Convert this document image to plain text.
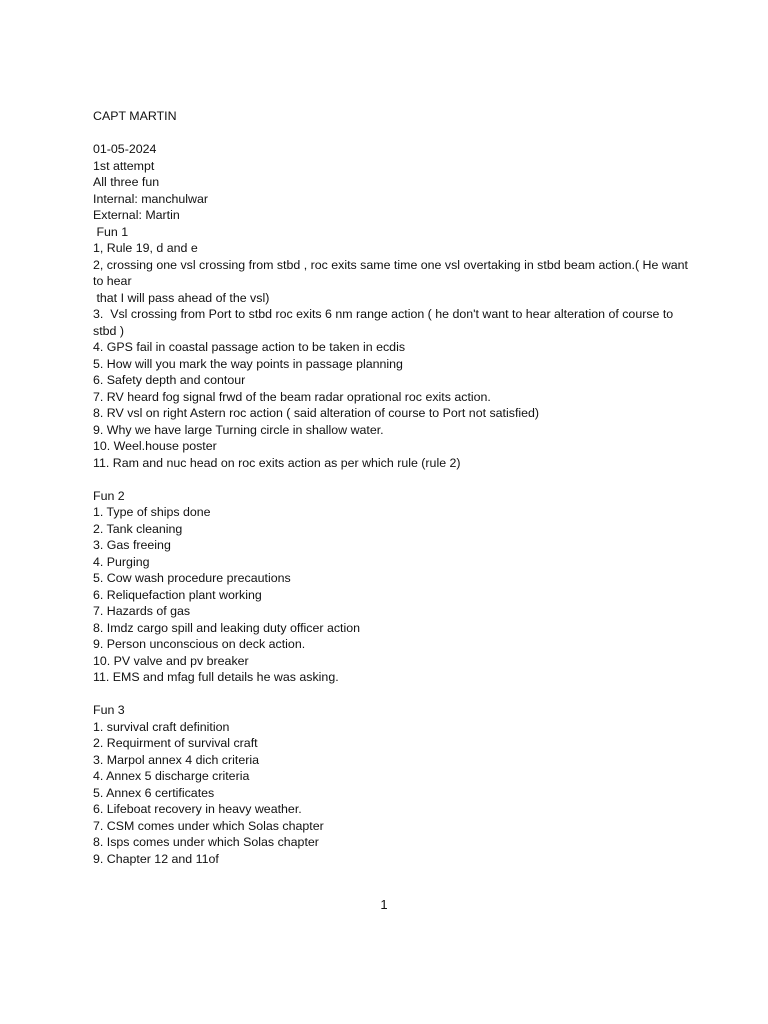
CAPT MARTIN
01-05-2024
1st attempt
All three fun
Internal: manchulwar
External: Martin
Fun 1
1, Rule 19, d and e
2, crossing one vsl crossing from stbd , roc exits same time one vsl overtaking in stbd beam action.( He want to hear
that I will pass ahead of the vsl)
3.  Vsl crossing from Port to stbd roc exits 6 nm range action ( he don't want to hear alteration of course to stbd )
4. GPS fail in coastal passage action to be taken in ecdis
5. How will you mark the way points in passage planning
6. Safety depth and contour
7. RV heard fog signal frwd of the beam radar oprational roc exits action.
8. RV vsl on right Astern roc action ( said alteration of course to Port not satisfied)
9. Why we have large Turning circle in shallow water.
10. Weel.house poster
11. Ram and nuc head on roc exits action as per which rule (rule 2)
Fun 2
1. Type of ships done
2. Tank cleaning
3. Gas freeing
4. Purging
5. Cow wash procedure precautions
6. Reliquefaction plant working
7. Hazards of gas
8. Imdz cargo spill and leaking duty officer action
9. Person unconscious on deck action.
10. PV valve and pv breaker
11. EMS and mfag full details he was asking.
Fun 3
1. survival craft definition
2. Requirment of survival craft
3. Marpol annex 4 dich criteria
4. Annex 5 discharge criteria
5. Annex 6 certificates
6. Lifeboat recovery in heavy weather.
7. CSM comes under which Solas chapter
8. Isps comes under which Solas chapter
9. Chapter 12 and 11of
1
